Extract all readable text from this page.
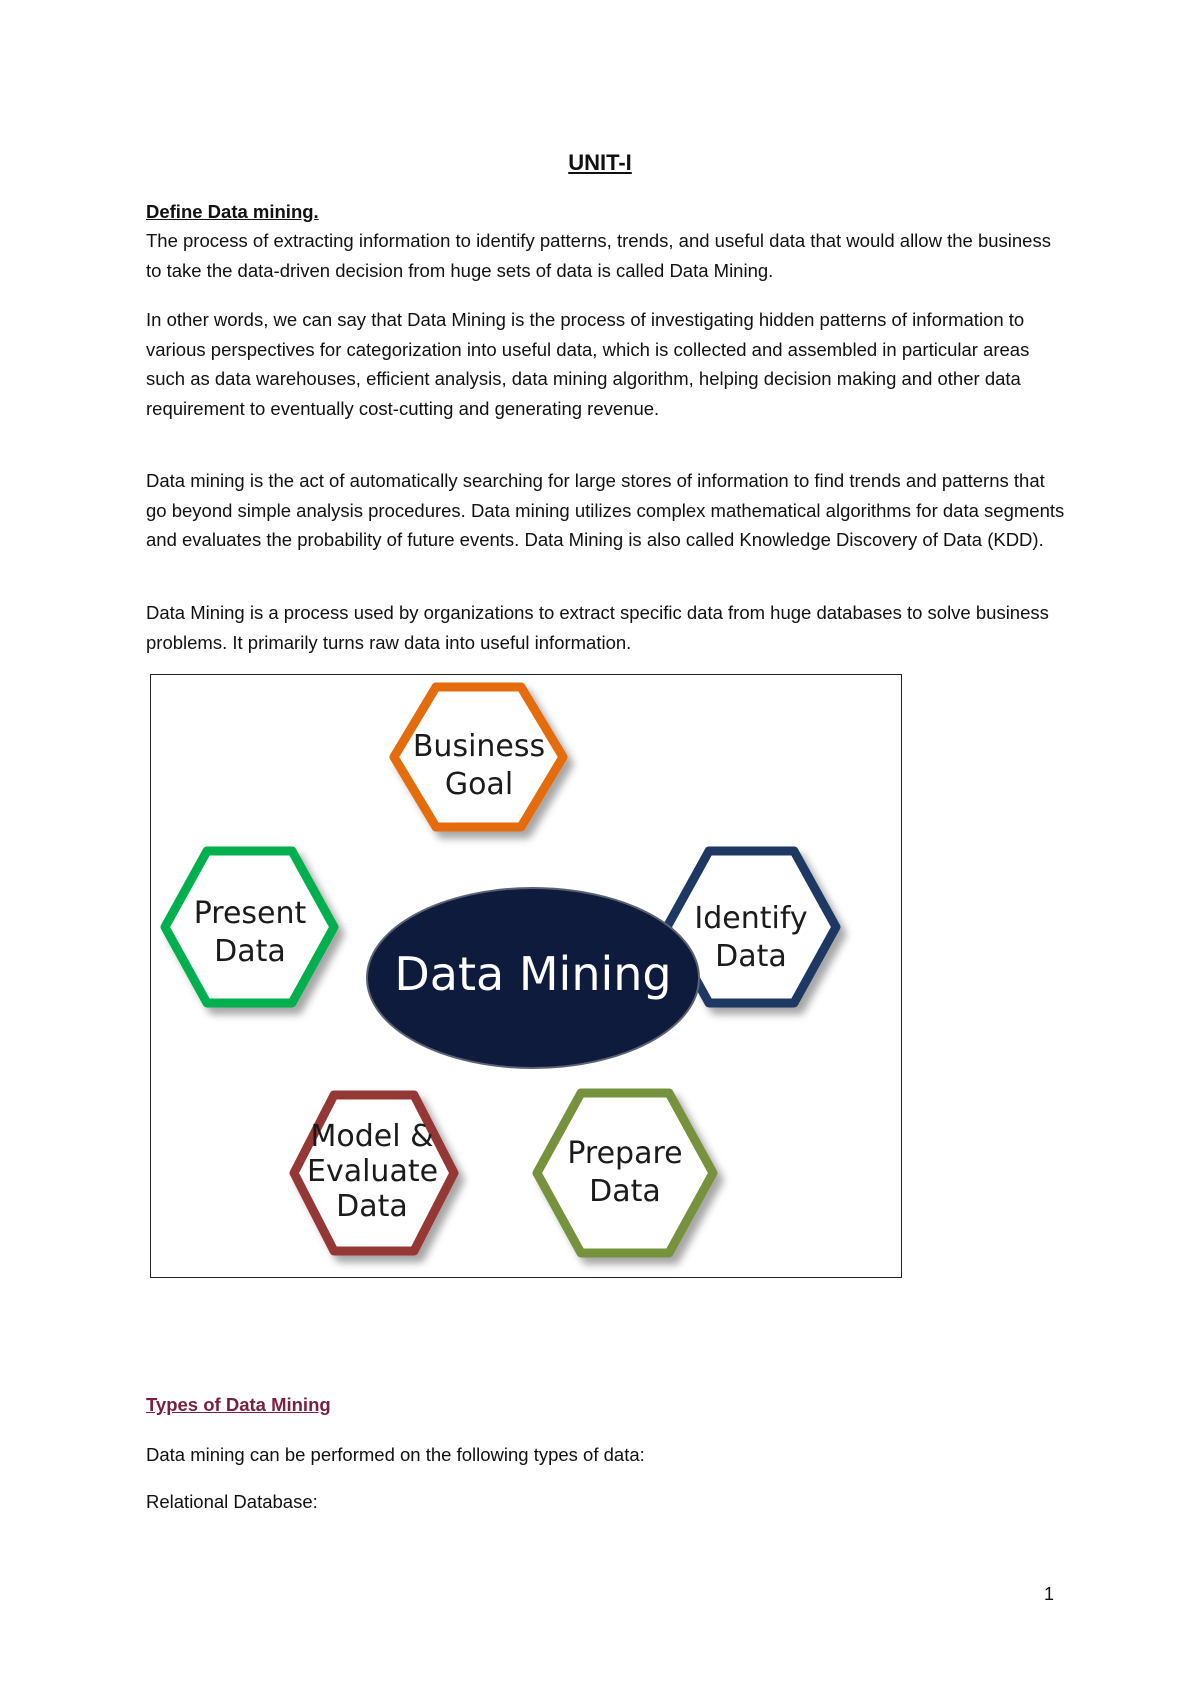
UNIT-I
Define Data mining.

The process of extracting information to identify patterns, trends, and useful data that would allow the business to take the data-driven decision from huge sets of data is called Data Mining.

In other words, we can say that Data Mining is the process of investigating hidden patterns of information to various perspectives for categorization into useful data, which is collected and assembled in particular areas such as data warehouses, efficient analysis, data mining algorithm, helping decision making and other data requirement to eventually cost-cutting and generating revenue.

Data mining is the act of automatically searching for large stores of information to find trends and patterns that go beyond simple analysis procedures. Data mining utilizes complex mathematical algorithms for data segments and evaluates the probability of future events. Data Mining is also called Knowledge Discovery of Data (KDD).

Data Mining is a process used by organizations to extract specific data from huge databases to solve business problems. It primarily turns raw data into useful information.

Business
Goal
Identify
Data
Present
Data
Model &
Evaluate
Data
Prepare
Data
Data Mining
Types of Data Mining

Data mining can be performed on the following types of data:

Relational Database:

1
